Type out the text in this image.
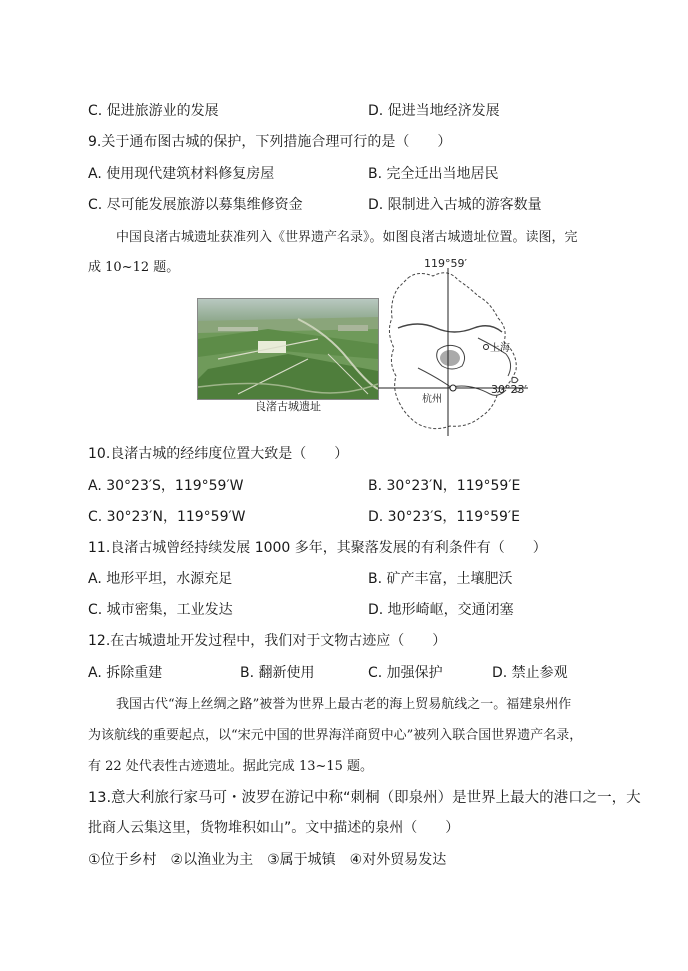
C. 促进旅游业的发展	D. 促进当地经济发展
9.关于通布图古城的保护，下列措施合理可行的是（　　）
A. 使用现代建筑材料修复房屋	B. 完全迁出当地居民
C. 尽可能发展旅游以募集维修资金	D. 限制进入古城的游客数量
中国良渚古城遗址获准列入《世界遗产名录》。如图良渚古城遗址位置。读图，完
成 10~12 题。
良渚古城遗址
119°59′
上海
30°23′
杭州
10.良渚古城的经纬度位置大致是（　　）
A. 30°23′S，119°59′W	B. 30°23′N，119°59′E
C. 30°23′N，119°59′W	D. 30°23′S，119°59′E
11.良渚古城曾经持续发展 1000 多年，其聚落发展的有利条件有（　　）
A. 地形平坦，水源充足	B. 矿产丰富，土壤肥沃
C. 城市密集，工业发达	D. 地形崎岖，交通闭塞
12.在古城遗址开发过程中，我们对于文物古迹应（　　）
A. 拆除重建	B. 翻新使用	C. 加强保护	D. 禁止参观
我国古代“海上丝绸之路”被誉为世界上最古老的海上贸易航线之一。福建泉州作
为该航线的重要起点，以“宋元中国的世界海洋商贸中心”被列入联合国世界遗产名录，
有 22 处代表性古迹遗址。据此完成 13~15 题。
13.意大利旅行家马可・波罗在游记中称“刺桐（即泉州）是世界上最大的港口之一，大
批商人云集这里，货物堆积如山”。文中描述的泉州（　　）
①位于乡村　②以渔业为主　③属于城镇　④对外贸易发达
